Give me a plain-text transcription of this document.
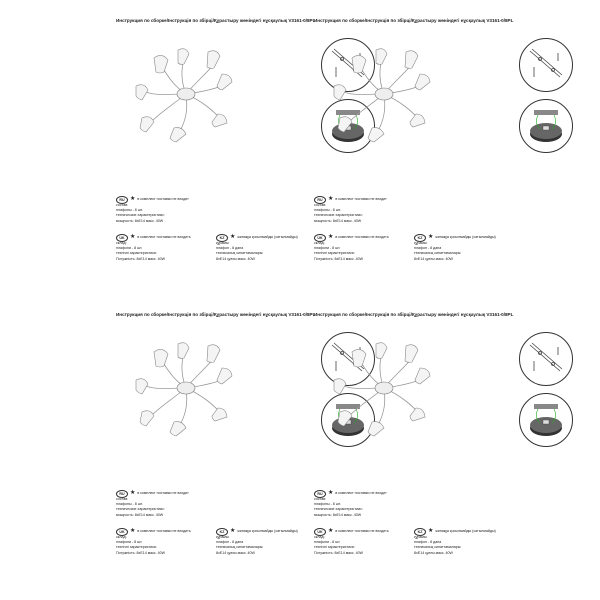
Инструкция по сборке/Інструкція по збірці/Құрастыру жөніндегі нұсқаулық V3161-0/8PL
RU ★ в комплект поставки не входит
состав:
плафоны - 8 шт.
технические характеристики:
мощность: 8хE14 макс. 40W
UK ★ в комплект поставки не входить
склад:
плафони - 8 шт.
технічні характеристики:
Потужність: 8хE14 макс. 40W
KZ ★ жинаққа қосылмайды (сатылмайды)
құрамы:
плафон - 8 дана
техникалық сипаттамалары:
8хE14 қуаты макс. 40W
Инструкция по сборке/Інструкція по збірці/Құрастыру жөніндегі нұсқаулық V3161-0/8PL
RU ★ в комплект поставки не входит
состав:
плафоны - 8 шт.
технические характеристики:
мощность: 8хE14 макс. 40W
UK ★ в комплект поставки не входить
склад:
плафони - 8 шт.
технічні характеристики:
Потужність: 8хE14 макс. 40W
KZ ★ жинаққа қосылмайды (сатылмайды)
құрамы:
плафон - 8 дана
техникалық сипаттамалары:
8хE14 қуаты макс. 40W
Инструкция по сборке/Інструкція по збірці/Құрастыру жөніндегі нұсқаулық V3161-0/8PL
RU ★ в комплект поставки не входит
состав:
плафоны - 8 шт.
технические характеристики:
мощность: 8хE14 макс. 40W
UK ★ в комплект поставки не входить
склад:
плафони - 8 шт.
технічні характеристики:
Потужність: 8хE14 макс. 40W
KZ ★ жинаққа қосылмайды (сатылмайды)
құрамы:
плафон - 8 дана
техникалық сипаттамалары:
8хE14 қуаты макс. 40W
Инструкция по сборке/Інструкція по збірці/Құрастыру жөніндегі нұсқаулық V3161-0/8PL
RU ★ в комплект поставки не входит
состав:
плафоны - 8 шт.
технические характеристики:
мощность: 8хE14 макс. 40W
UK ★ в комплект поставки не входить
склад:
плафони - 8 шт.
технічні характеристики:
Потужність: 8хE14 макс. 40W
KZ ★ жинаққа қосылмайды (сатылмайды)
құрамы:
плафон - 8 дана
техникалық сипаттамалары:
8хE14 қуаты макс. 40W
